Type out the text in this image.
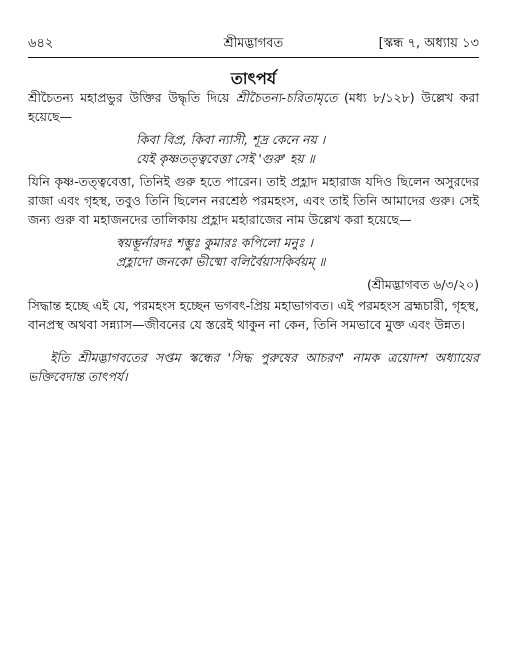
৬৪২	শ্রীমদ্ভাগবত	[স্কন্ধ ৭, অধ্যায় ১৩
তাৎপর্য

শ্রীচৈতন্য মহাপ্রভুর উক্তির উদ্ধৃতি দিয়ে শ্রীচৈতন্য-চরিতামৃতে (মধ্য ৮/১২৮) উল্লেখ করা হয়েছে—

কিবা বিপ্র, কিবা ন্যাসী, শূদ্র কেনে নয় ।
যেই কৃষ্ণতত্ত্ববেত্তা সেই 'গুরু' হয় ॥

যিনি কৃষ্ণ-তত্ত্ববেত্তা, তিনিই গুরু হতে পারেন। তাই প্রহ্লাদ মহারাজ যদিও ছিলেন অসুরদের রাজা এবং গৃহস্থ, তবুও তিনি ছিলেন নরশ্রেষ্ঠ পরমহংস, এবং তাই তিনি আমাদের গুরু। সেই জন্য গুরু বা মহাজনদের তালিকায় প্রহ্লাদ মহারাজের নাম উল্লেখ করা হয়েছে—

স্বয়ম্ভূর্নারদঃ শম্ভুঃ কুমারঃ কপিলো মনুঃ ।
প্রহ্লাদো জনকো ভীষ্মো বলির্বৈয়াসকির্বয়ম্ ॥
(শ্রীমদ্ভাগবত ৬/৩/২০)

সিদ্ধান্ত হচ্ছে এই যে, পরমহংস হচ্ছেন ভগবৎ-প্রিয় মহাভাগবত। এই পরমহংস ব্রহ্মচারী, গৃহস্থ, বানপ্রস্থ অথবা সন্ন্যাস—জীবনের যে স্তরেই থাকুন না কেন, তিনি সমভাবে মুক্ত এবং উন্নত।

ইতি শ্রীমদ্ভাগবতের সপ্তম স্কন্ধের 'সিদ্ধ পুরুষের আচরণ' নামক ত্রয়োদশ অধ্যায়ের ভক্তিবেদান্ত তাৎপর্য।
